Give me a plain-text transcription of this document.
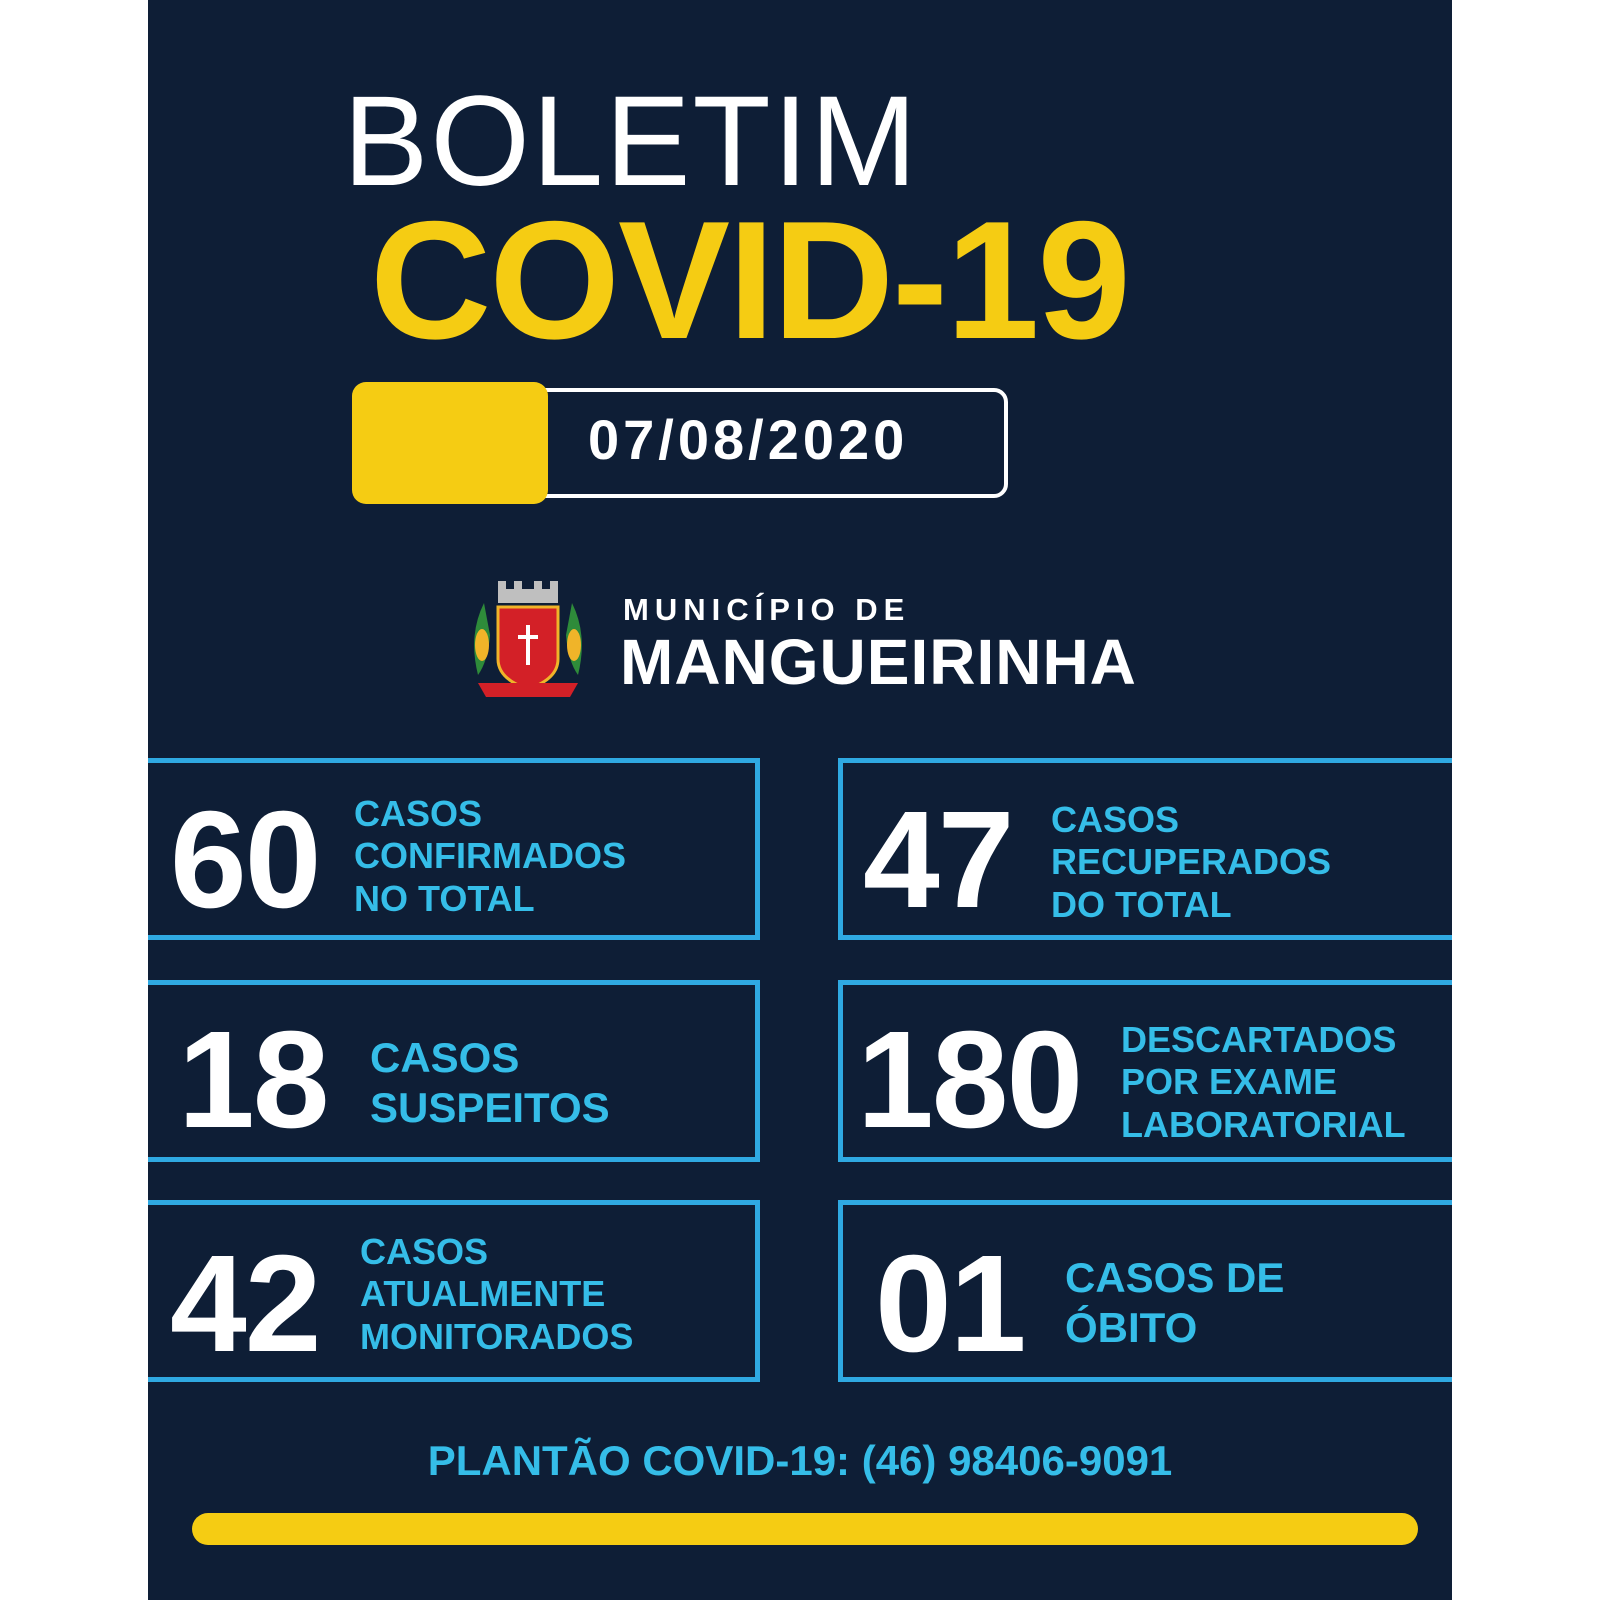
BOLETIM
COVID-19
07/08/2020
MUNICÍPIO DE
MANGUEIRINHA
60 CASOS
CONFIRMADOS
NO TOTAL	47 CASOS
RECUPERADOS
DO TOTAL
18 CASOS
SUSPEITOS 180 DESCARTADOS
POR EXAME
LABORATORIAL
42 CASOS
ATUALMENTE
MONITORADOS 01 CASOS DE
ÓBITO
PLANTÃO COVID-19: (46) 98406-9091
